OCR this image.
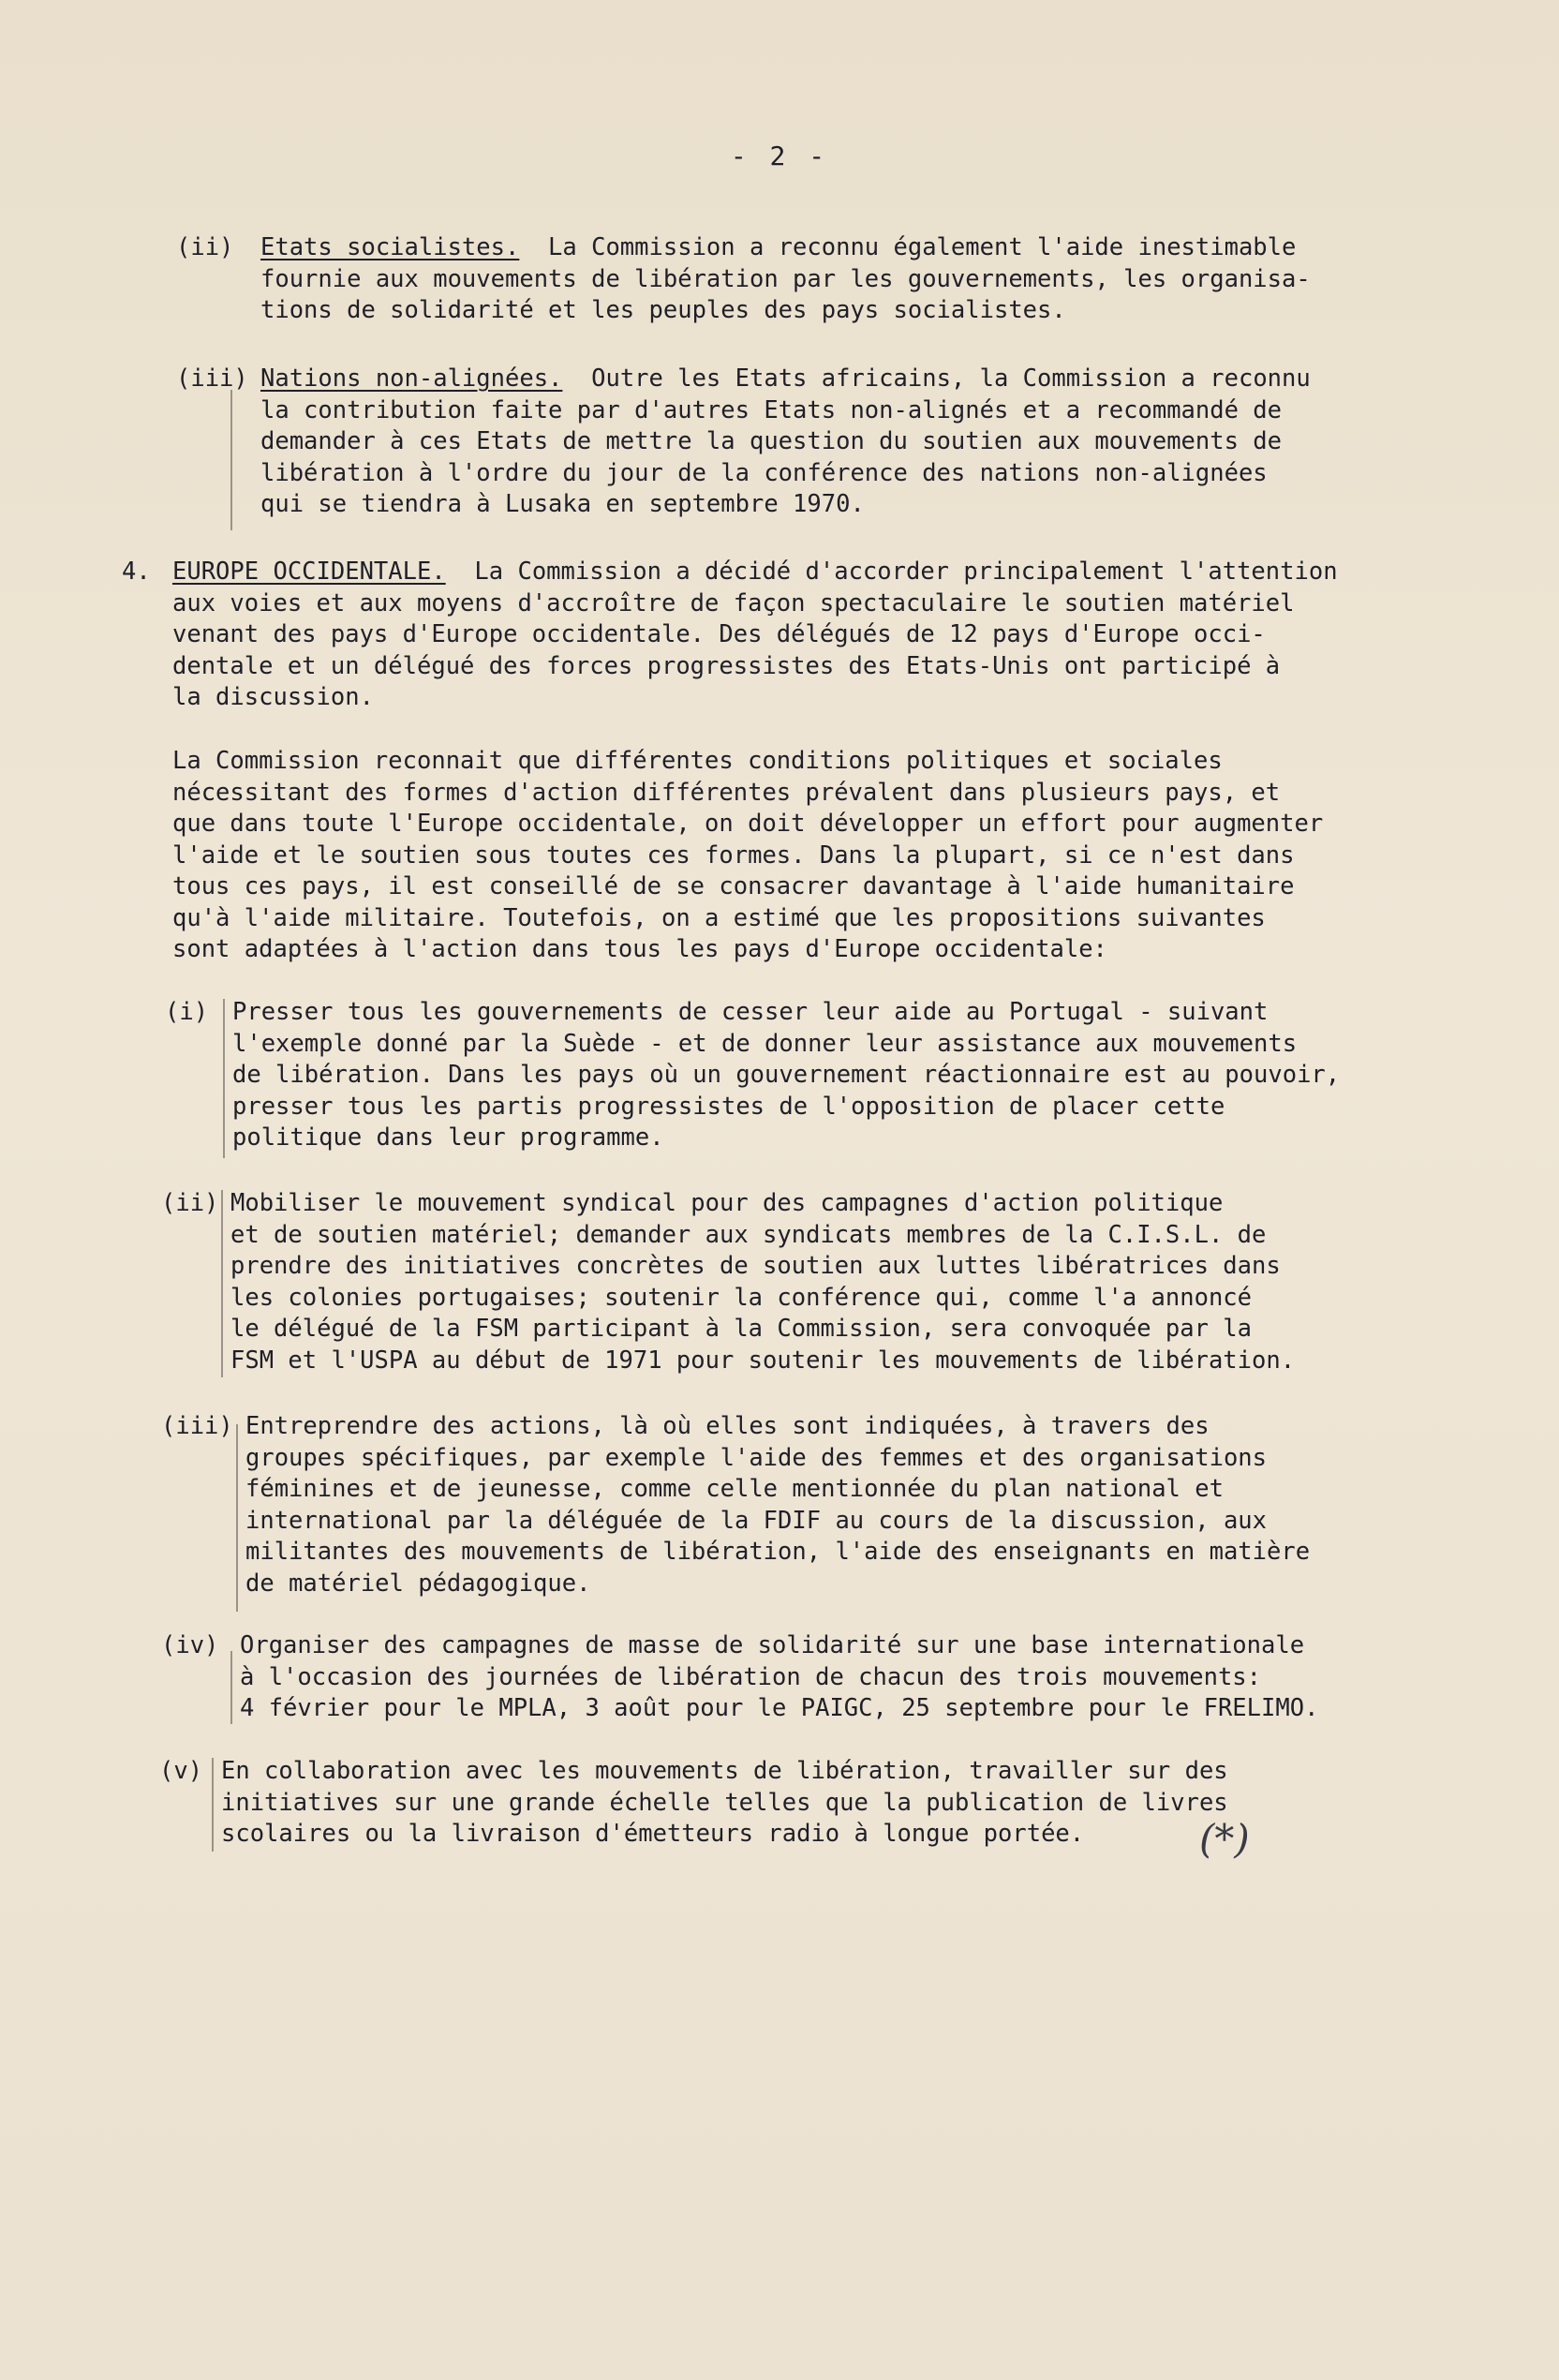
- 2 -
(ii) Etats socialistes.  La Commission a reconnu également l'aide inestimable
fournie aux mouvements de libération par les gouvernements, les organisa-
tions de solidarité et les peuples des pays socialistes.
(iii) Nations non-alignées.  Outre les Etats africains, la Commission a reconnu
la contribution faite par d'autres Etats non-alignés et a recommandé de
demander à ces Etats de mettre la question du soutien aux mouvements de
libération à l'ordre du jour de la conférence des nations non-alignées
qui se tiendra à Lusaka en septembre 1970.
4. EUROPE OCCIDENTALE.  La Commission a décidé d'accorder principalement l'attention
aux voies et aux moyens d'accroître de façon spectaculaire le soutien matériel
venant des pays d'Europe occidentale. Des délégués de 12 pays d'Europe occi-
dentale et un délégué des forces progressistes des Etats-Unis ont participé à
la discussion.
La Commission reconnait que différentes conditions politiques et sociales
nécessitant des formes d'action différentes prévalent dans plusieurs pays, et
que dans toute l'Europe occidentale, on doit développer un effort pour augmenter
l'aide et le soutien sous toutes ces formes. Dans la plupart, si ce n'est dans
tous ces pays, il est conseillé de se consacrer davantage à l'aide humanitaire
qu'à l'aide militaire. Toutefois, on a estimé que les propositions suivantes
sont adaptées à l'action dans tous les pays d'Europe occidentale:
(i) Presser tous les gouvernements de cesser leur aide au Portugal - suivant
l'exemple donné par la Suède - et de donner leur assistance aux mouvements
de libération. Dans les pays où un gouvernement réactionnaire est au pouvoir,
presser tous les partis progressistes de l'opposition de placer cette
politique dans leur programme.
(ii) Mobiliser le mouvement syndical pour des campagnes d'action politique
et de soutien matériel; demander aux syndicats membres de la C.I.S.L. de
prendre des initiatives concrètes de soutien aux luttes libératrices dans
les colonies portugaises; soutenir la conférence qui, comme l'a annoncé
le délégué de la FSM participant à la Commission, sera convoquée par la
FSM et l'USPA au début de 1971 pour soutenir les mouvements de libération.
(iii) Entreprendre des actions, là où elles sont indiquées, à travers des
groupes spécifiques, par exemple l'aide des femmes et des organisations
féminines et de jeunesse, comme celle mentionnée du plan national et
international par la déléguée de la FDIF au cours de la discussion, aux
militantes des mouvements de libération, l'aide des enseignants en matière
de matériel pédagogique.
(iv) Organiser des campagnes de masse de solidarité sur une base internationale
à l'occasion des journées de libération de chacun des trois mouvements:
4 février pour le MPLA, 3 août pour le PAIGC, 25 septembre pour le FRELIMO.
(v) En collaboration avec les mouvements de libération, travailler sur des
initiatives sur une grande échelle telles que la publication de livres
scolaires ou la livraison d'émetteurs radio à longue portée.	(*)
